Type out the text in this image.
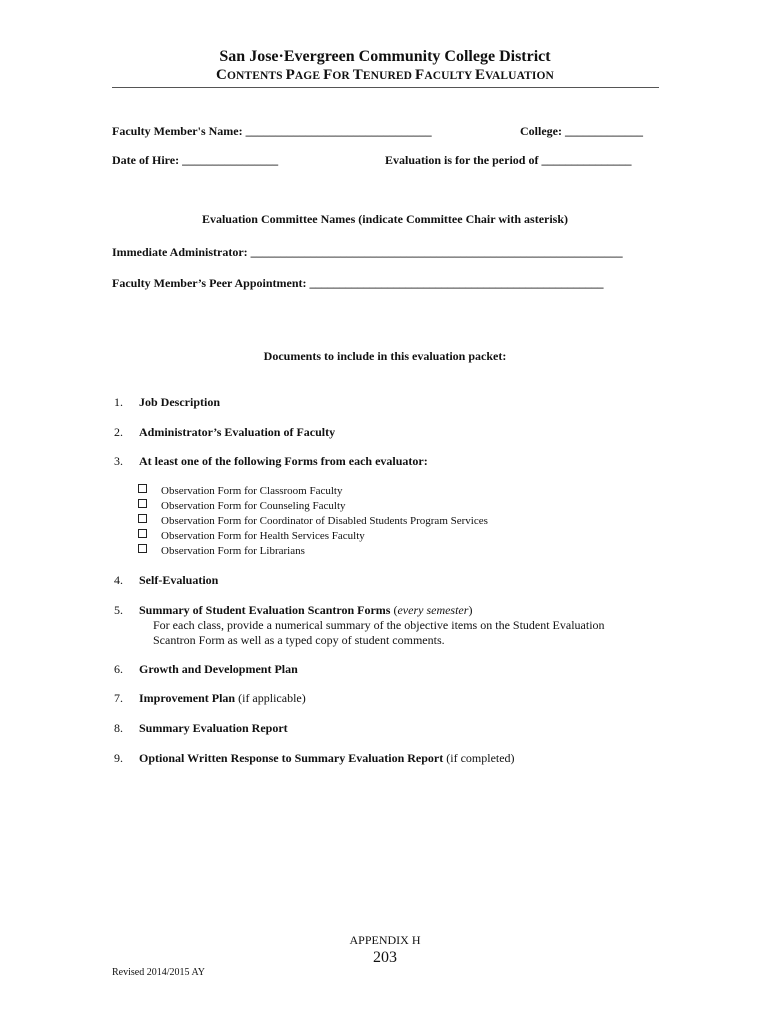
San Jose·Evergreen Community College District
CONTENTS PAGE FOR TENURED FACULTY EVALUATION
Faculty Member's Name: _______________________________	College: _____________
Date of Hire: ________________	Evaluation is for the period of _______________
Evaluation Committee Names (indicate Committee Chair with asterisk)
Immediate Administrator: ______________________________________________________________
Faculty Member’s Peer Appointment: _________________________________________________
Documents to include in this evaluation packet:
1. Job Description
2. Administrator’s Evaluation of Faculty
3. At least one of the following Forms from each evaluator:
Observation Form for Classroom Faculty
Observation Form for Counseling Faculty
Observation Form for Coordinator of Disabled Students Program Services
Observation Form for Health Services Faculty
Observation Form for Librarians
4. Self-Evaluation
5. Summary of Student Evaluation Scantron Forms (every semester)
For each class, provide a numerical summary of the objective items on the Student Evaluation
Scantron Form as well as a typed copy of student comments.
6. Growth and Development Plan
7. Improvement Plan (if applicable)
8. Summary Evaluation Report
9. Optional Written Response to Summary Evaluation Report (if completed)
APPENDIX H
203
Revised 2014/2015 AY
